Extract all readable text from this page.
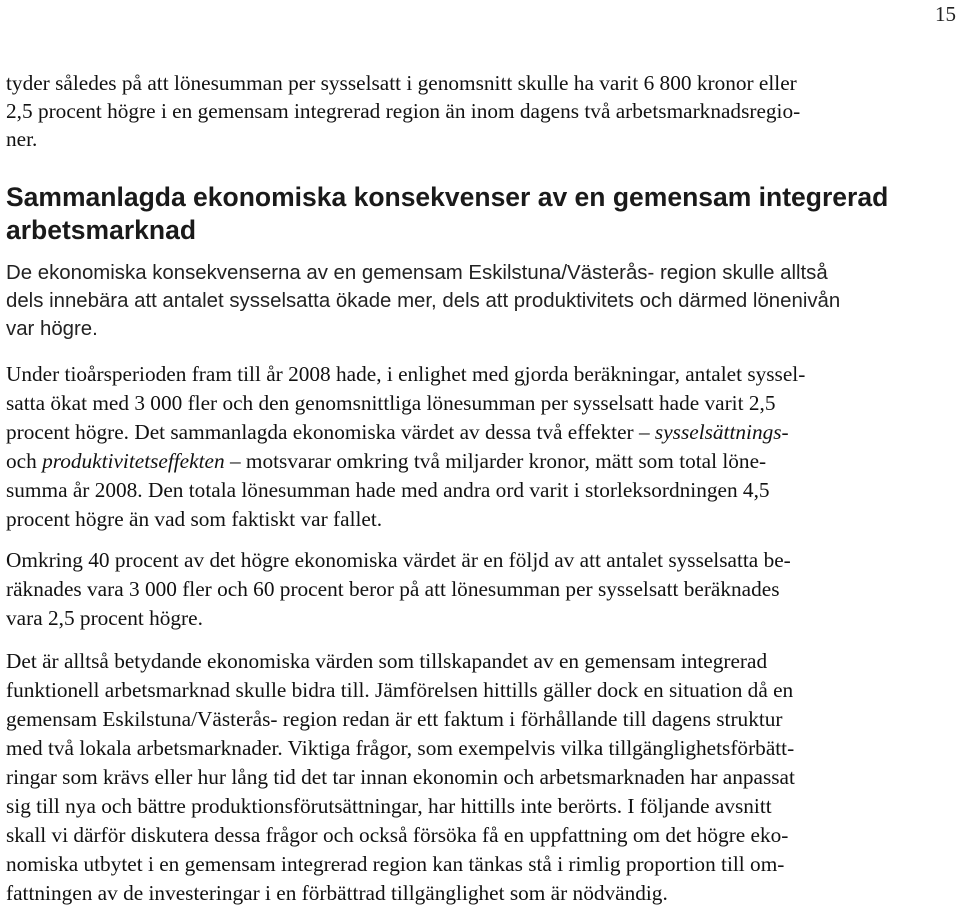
15
tyder således på att lönesumman per sysselsatt i genomsnitt skulle ha varit 6 800 kronor eller
2,5 procent högre i en gemensam integrerad region än inom dagens två arbetsmarknadsregio-
ner.
Sammanlagda ekonomiska konsekvenser av en gemensam integrerad
arbetsmarknad
De ekonomiska konsekvenserna av en gemensam Eskilstuna/Västerås- region skulle alltså
dels innebära att antalet sysselsatta ökade mer, dels att produktivitets och därmed lönenivån
var högre.
Under tioårsperioden fram till år 2008 hade, i enlighet med gjorda beräkningar, antalet syssel-
satta ökat med 3 000 fler och den genomsnittliga lönesumman per sysselsatt hade varit 2,5
procent högre. Det sammanlagda ekonomiska värdet av dessa två effekter – sysselsättnings-
och produktivitetseffekten – motsvarar omkring två miljarder kronor, mätt som total löne-
summa år 2008. Den totala lönesumman hade med andra ord varit i storleksordningen 4,5
procent högre än vad som faktiskt var fallet.
Omkring 40 procent av det högre ekonomiska värdet är en följd av att antalet sysselsatta be-
räknades vara 3 000 fler och 60 procent beror på att lönesumman per sysselsatt beräknades
vara 2,5 procent högre.
Det är alltså betydande ekonomiska värden som tillskapandet av en gemensam integrerad
funktionell arbetsmarknad skulle bidra till. Jämförelsen hittills gäller dock en situation då en
gemensam Eskilstuna/Västerås- region redan är ett faktum i förhållande till dagens struktur
med två lokala arbetsmarknader. Viktiga frågor, som exempelvis vilka tillgänglighetsförbätt-
ringar som krävs eller hur lång tid det tar innan ekonomin och arbetsmarknaden har anpassat
sig till nya och bättre produktionsförutsättningar, har hittills inte berörts. I följande avsnitt
skall vi därför diskutera dessa frågor och också försöka få en uppfattning om det högre eko-
nomiska utbytet i en gemensam integrerad region kan tänkas stå i rimlig proportion till om-
fattningen av de investeringar i en förbättrad tillgänglighet som är nödvändig.
